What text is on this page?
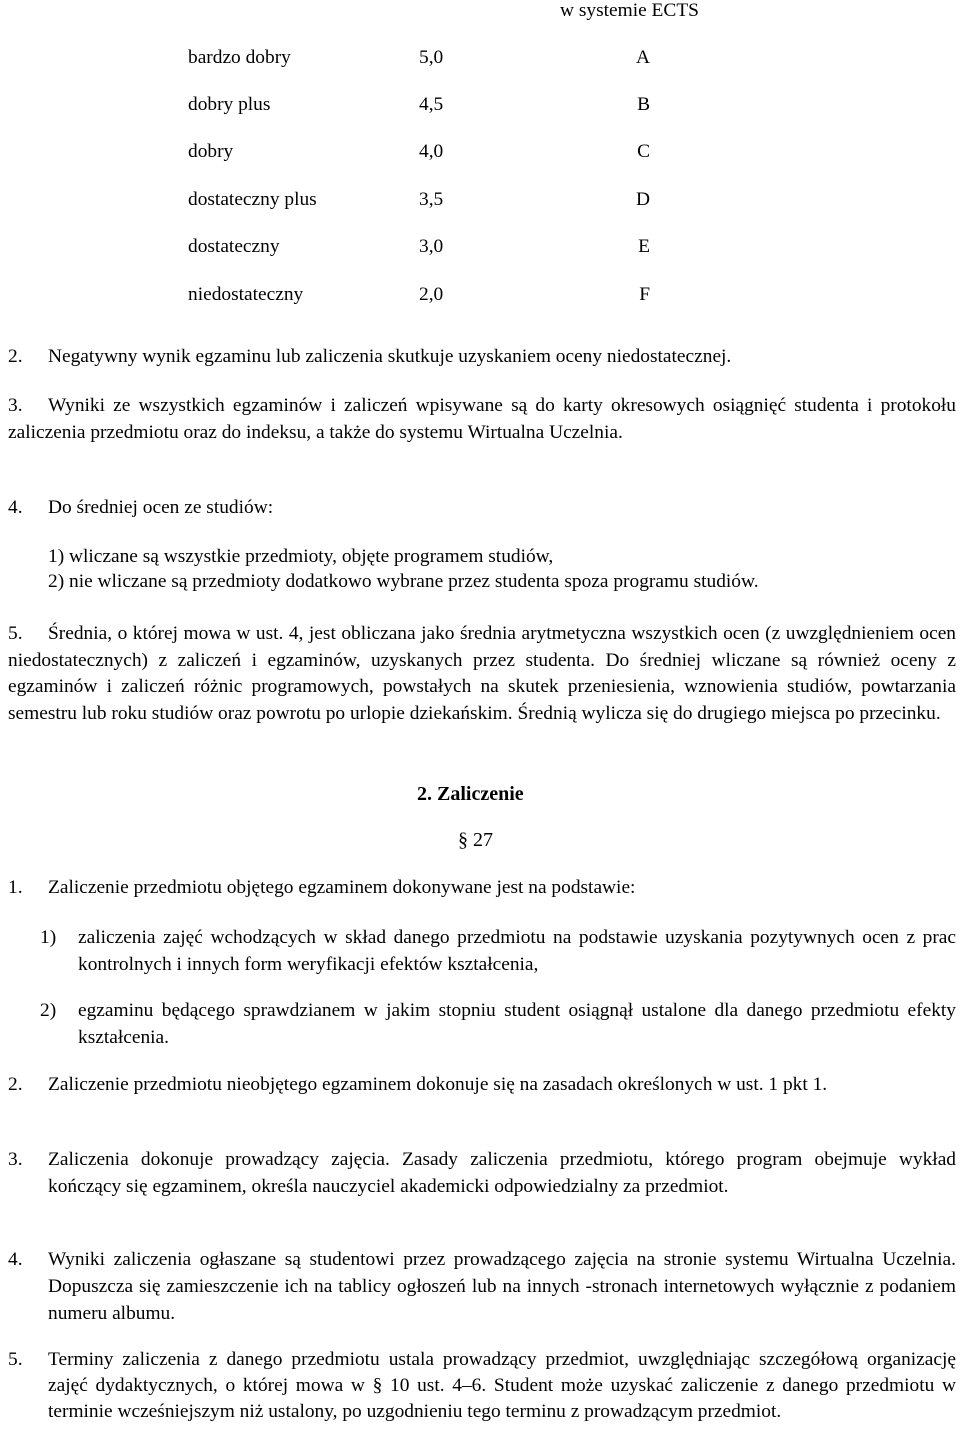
w systemie ECTS
bardzo dobry	5,0	A
dobry plus	4,5	B
dobry	4,0	C
dostateczny plus	3,5	D
dostateczny	3,0	E
niedostateczny	2,0	F
2.	Negatywny wynik egzaminu lub zaliczenia skutkuje uzyskaniem oceny niedostatecznej.
3.	Wyniki ze wszystkich egzaminów i zaliczeń wpisywane są do karty okresowych osiągnięć studenta i protokołu zaliczenia przedmiotu oraz do indeksu, a także do systemu Wirtualna Uczelnia.
4.	Do średniej ocen ze studiów:
1) wliczane są wszystkie przedmioty, objęte programem studiów,
2) nie wliczane są przedmioty dodatkowo wybrane przez studenta spoza programu studiów.
5.	Średnia, o której mowa w ust. 4, jest obliczana jako średnia arytmetyczna wszystkich ocen (z uwzględnieniem ocen niedostatecznych) z zaliczeń i egzaminów, uzyskanych przez studenta. Do średniej wliczane są również oceny z egzaminów i zaliczeń różnic programowych, powstałych na skutek przeniesienia, wznowienia studiów, powtarzania semestru lub roku studiów oraz powrotu po urlopie dziekańskim. Średnią wylicza się do drugiego miejsca po przecinku.
2. Zaliczenie
§ 27
1.	Zaliczenie przedmiotu objętego egzaminem dokonywane jest na podstawie:
1)	zaliczenia zajęć wchodzących w skład danego przedmiotu na podstawie uzyskania pozytywnych ocen z prac kontrolnych i innych form weryfikacji efektów kształcenia,
2)	egzaminu będącego sprawdzianem w jakim stopniu student osiągnął ustalone dla danego przedmiotu efekty kształcenia.
2.	Zaliczenie przedmiotu nieobjętego egzaminem dokonuje się na zasadach określonych w ust. 1 pkt 1.
3.	Zaliczenia dokonuje prowadzący zajęcia. Zasady zaliczenia przedmiotu, którego program obejmuje wykład kończący się egzaminem, określa nauczyciel akademicki odpowiedzialny za przedmiot.
4.	Wyniki zaliczenia ogłaszane są studentowi przez prowadzącego zajęcia na stronie systemu Wirtualna Uczelnia. Dopuszcza się zamieszczenie ich na tablicy ogłoszeń lub na innych -stronach internetowych wyłącznie z podaniem numeru albumu.
5.	Terminy zaliczenia z danego przedmiotu ustala prowadzący przedmiot, uwzględniając szczegółową organizację zajęć dydaktycznych, o której mowa w § 10 ust. 4–6. Student może uzyskać zaliczenie z danego przedmiotu w terminie wcześniejszym niż ustalony, po uzgodnieniu tego terminu z prowadzącym przedmiot.
